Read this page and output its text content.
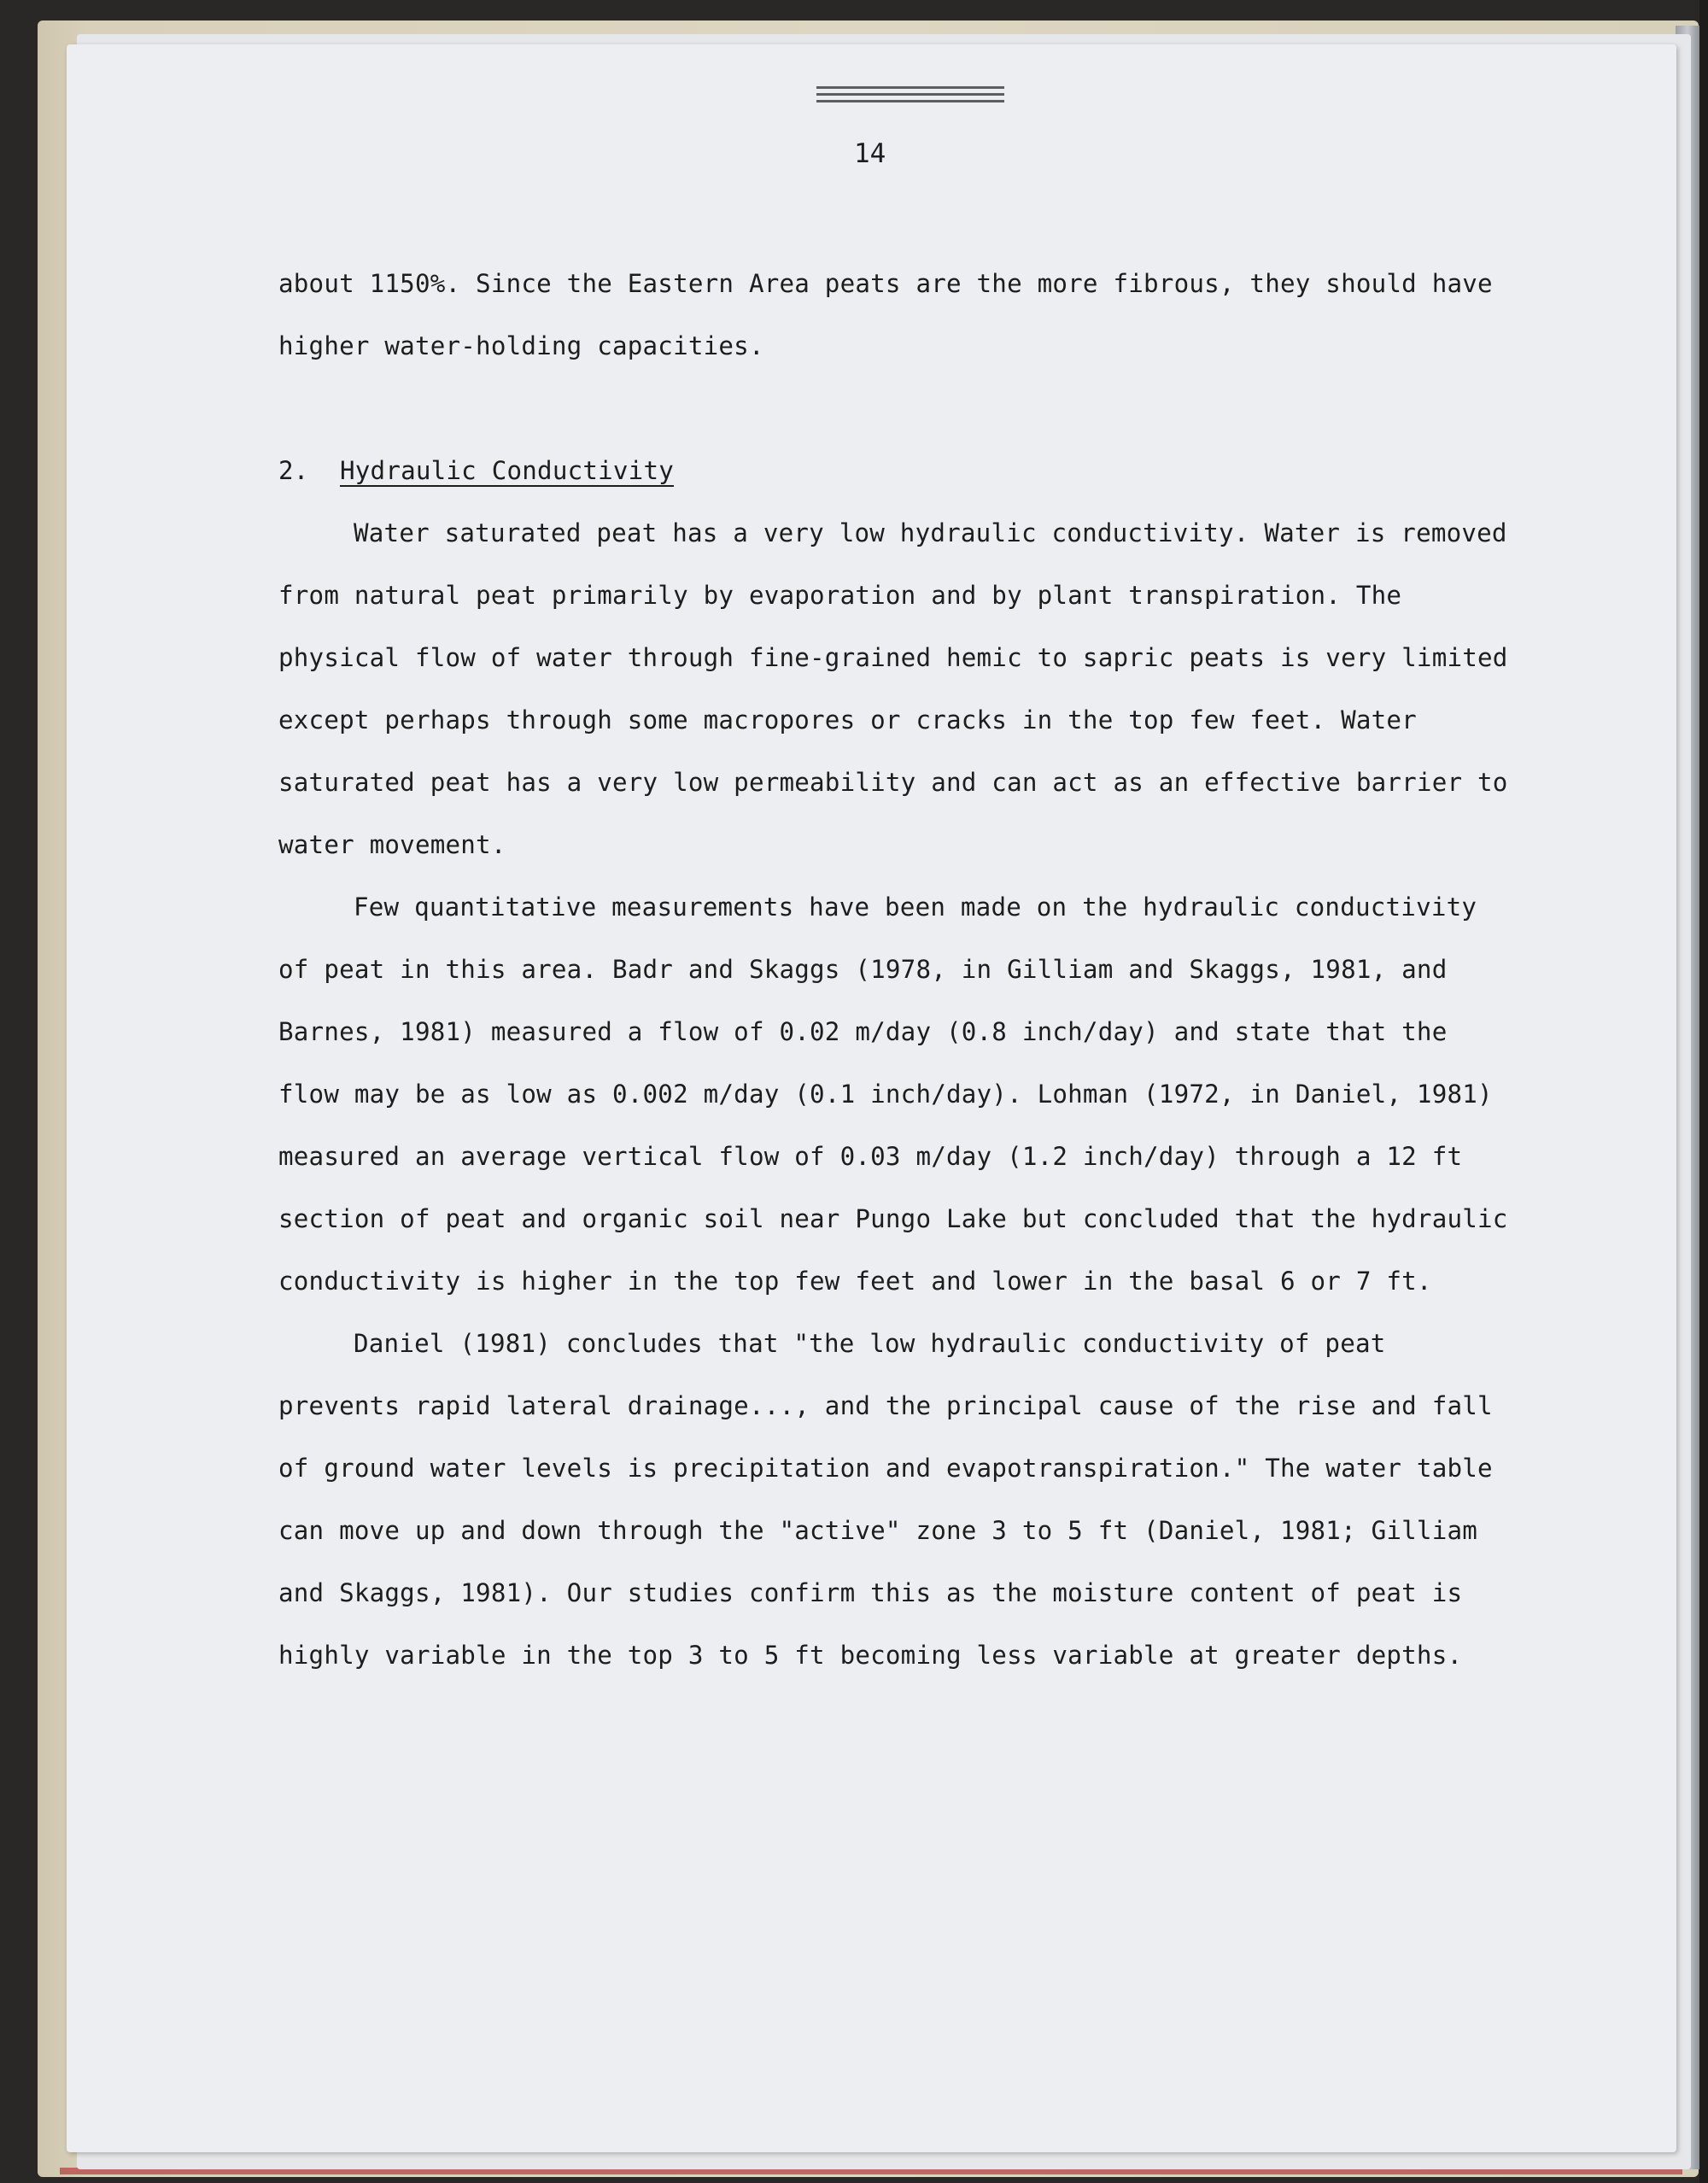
14

about 1150%. Since the Eastern Area peats are the more fibrous, they should have higher water-holding capacities.

2. Hydraulic Conductivity

Water saturated peat has a very low hydraulic conductivity. Water is removed from natural peat primarily by evaporation and by plant transpiration. The physical flow of water through fine-grained hemic to sapric peats is very limited except perhaps through some macropores or cracks in the top few feet. Water saturated peat has a very low permeability and can act as an effective barrier to water movement.

Few quantitative measurements have been made on the hydraulic conductivity of peat in this area. Badr and Skaggs (1978, in Gilliam and Skaggs, 1981, and Barnes, 1981) measured a flow of 0.02 m/day (0.8 inch/day) and state that the flow may be as low as 0.002 m/day (0.1 inch/day). Lohman (1972, in Daniel, 1981) measured an average vertical flow of 0.03 m/day (1.2 inch/day) through a 12 ft section of peat and organic soil near Pungo Lake but concluded that the hydraulic conductivity is higher in the top few feet and lower in the basal 6 or 7 ft.

Daniel (1981) concludes that "the low hydraulic conductivity of peat prevents rapid lateral drainage..., and the principal cause of the rise and fall of ground water levels is precipitation and evapotranspiration." The water table can move up and down through the "active" zone 3 to 5 ft (Daniel, 1981; Gilliam and Skaggs, 1981). Our studies confirm this as the moisture content of peat is highly variable in the top 3 to 5 ft becoming less variable at greater depths.
